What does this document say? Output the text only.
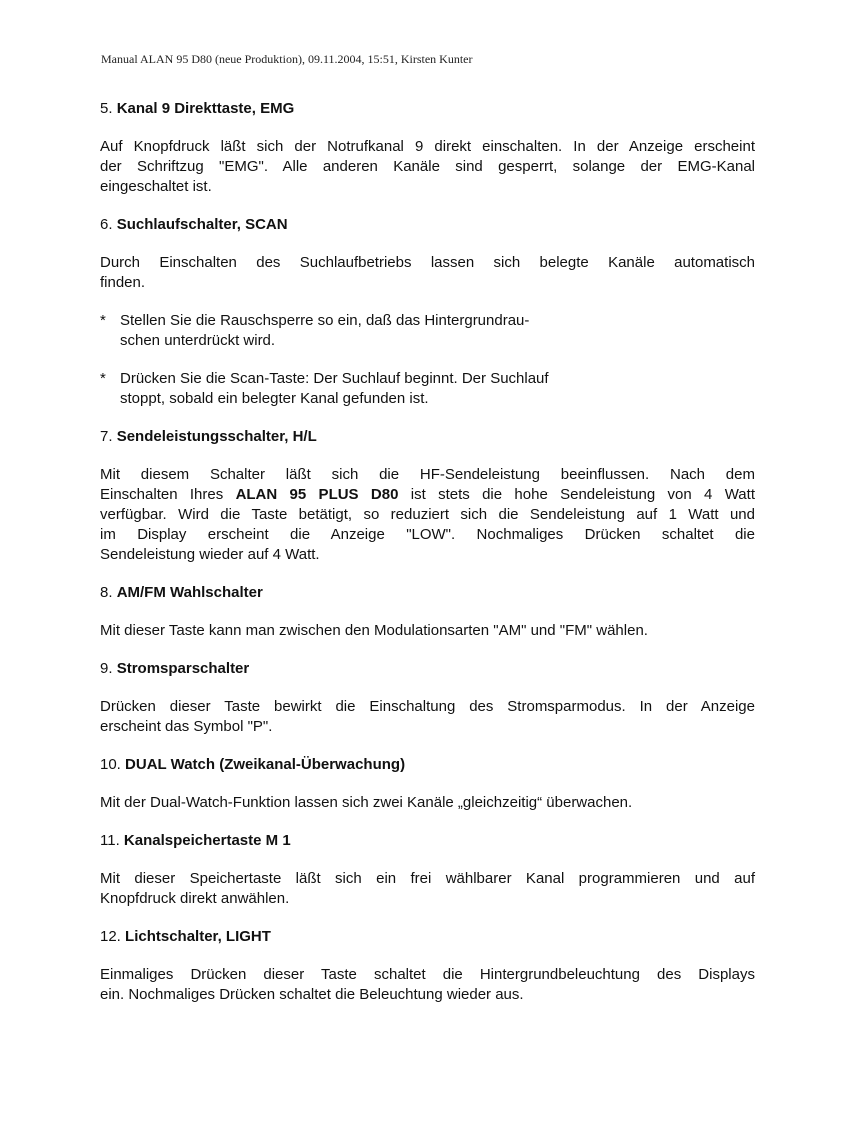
Manual ALAN 95 D80 (neue Produktion), 09.11.2004, 15:51, Kirsten Kunter

5. Kanal 9 Direkttaste, EMG

Auf Knopfdruck läßt sich der Notrufkanal 9 direkt einschalten. In der Anzeige erscheint
der Schriftzug "EMG". Alle anderen Kanäle sind gesperrt, solange der EMG-Kanal
eingeschaltet ist.

6. Suchlaufschalter, SCAN

Durch Einschalten des Suchlaufbetriebs lassen sich belegte Kanäle automatisch
finden.

* Stellen Sie die Rauschsperre so ein, daß das Hintergrundrau-
schen unterdrückt wird.
* Drücken Sie die Scan-Taste: Der Suchlauf beginnt. Der Suchlauf
stoppt, sobald ein belegter Kanal gefunden ist.

7. Sendeleistungsschalter, H/L

Mit diesem Schalter läßt sich die HF-Sendeleistung beeinflussen. Nach dem
Einschalten Ihres ALAN 95 PLUS D80 ist stets die hohe Sendeleistung von 4 Watt
verfügbar. Wird die Taste betätigt, so reduziert sich die Sendeleistung auf 1 Watt und
im Display erscheint die Anzeige "LOW". Nochmaliges Drücken schaltet die
Sendeleistung wieder auf 4 Watt.

8. AM/FM Wahlschalter

Mit dieser Taste kann man zwischen den Modulationsarten "AM" und "FM" wählen.

9. Stromsparschalter

Drücken dieser Taste bewirkt die Einschaltung des Stromsparmodus. In der Anzeige
erscheint das Symbol "P".

10. DUAL Watch (Zweikanal-Überwachung)

Mit der Dual-Watch-Funktion lassen sich zwei Kanäle „gleichzeitig“ überwachen.

11. Kanalspeichertaste M 1

Mit dieser Speichertaste läßt sich ein frei wählbarer Kanal programmieren und auf
Knopfdruck direkt anwählen.

12. Lichtschalter, LIGHT

Einmaliges Drücken dieser Taste schaltet die Hintergrundbeleuchtung des Displays
ein. Nochmaliges Drücken schaltet die Beleuchtung wieder aus.
